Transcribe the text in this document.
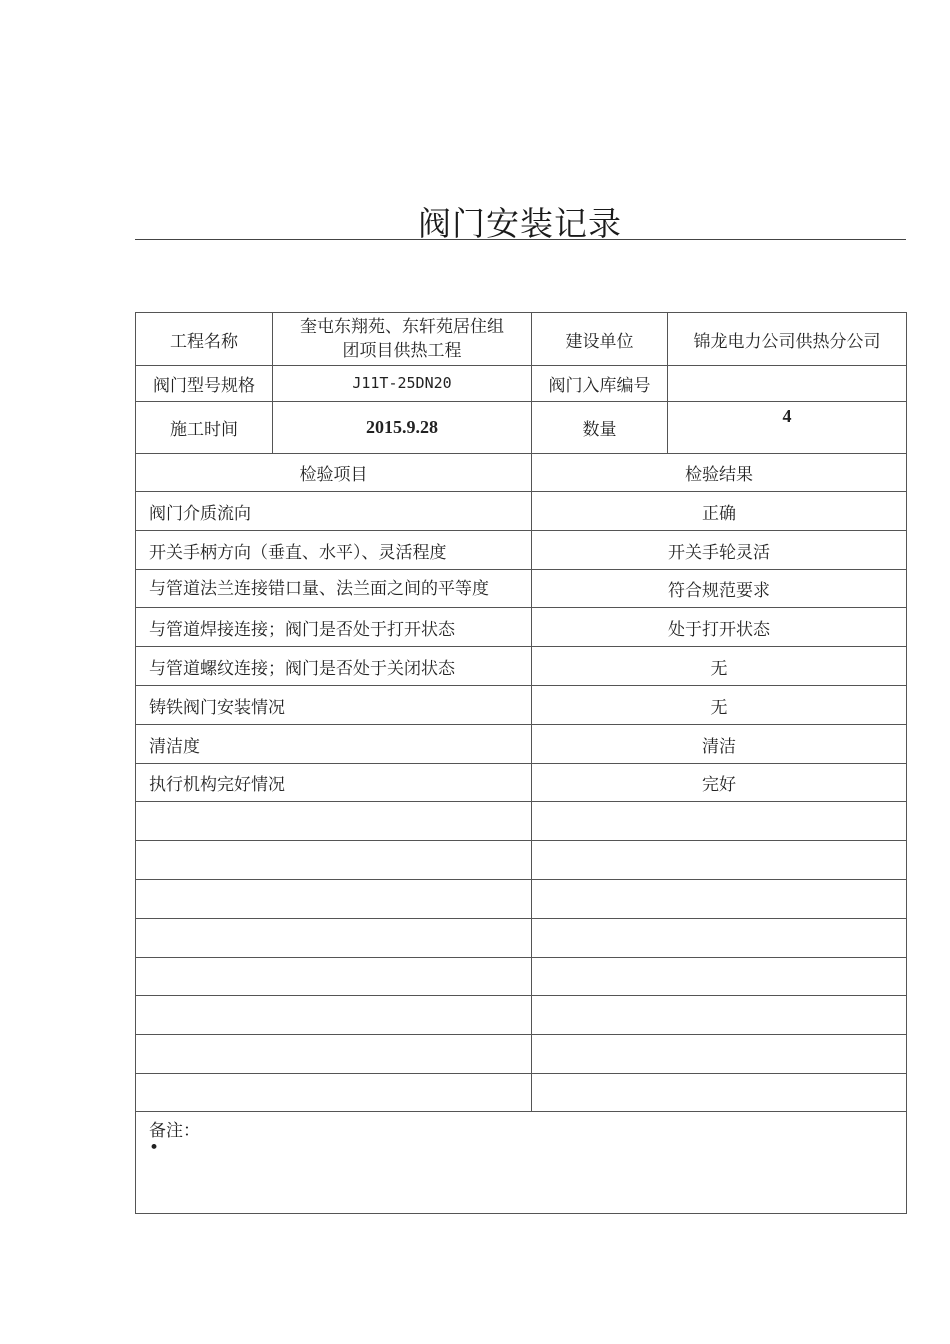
阀门安装记录
工程名称	奎屯东翔苑、东轩苑居住组
团项目供热工程	建设单位	锦龙电力公司供热分公司
阀门型号规格	J11T-25DN20	阀门入库编号	
施工时间	2015.9.28	数量	4
检验项目		检验结果	
阀门介质流向		正确	
开关手柄方向（垂直、水平）、灵活程度		开关手轮灵活	

与管道法兰连接错口量、法兰面之间的平等度		符合规范要求	
与管道焊接连接；阀门是否处于打开状态		处于打开状态	
与管道螺纹连接；阀门是否处于关闭状态		无	
铸铁阀门安装情况		无	
清洁度		清洁	
执行机构完好情况		完好	

备注：
•			
